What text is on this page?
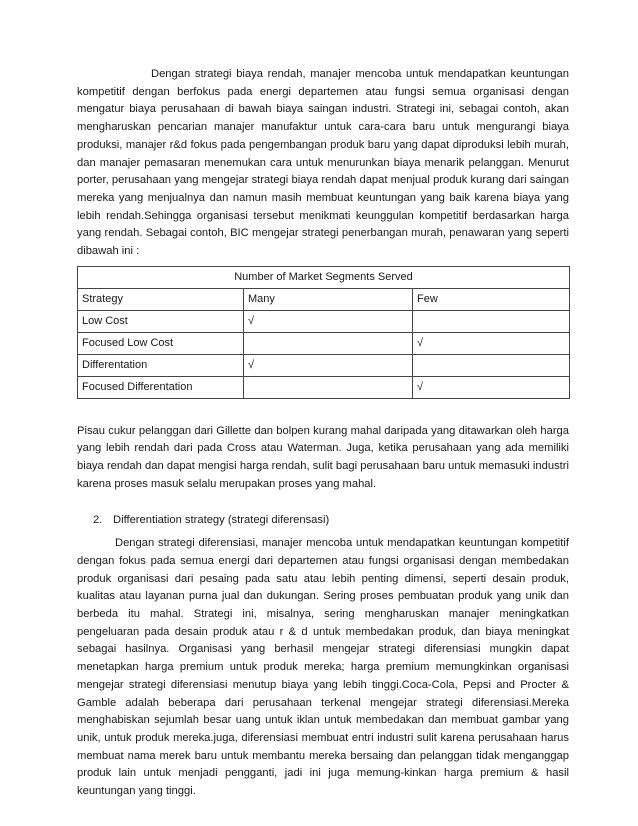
Dengan strategi biaya rendah, manajer mencoba untuk mendapatkan keuntungan kompetitif dengan berfokus pada energi departemen atau fungsi semua organisasi dengan mengatur biaya perusahaan di bawah biaya saingan industri. Strategi ini, sebagai contoh, akan mengharuskan pencarian manajer manufaktur untuk cara-cara baru untuk mengurangi biaya produksi, manajer r&d fokus pada pengembangan produk baru yang dapat diproduksi lebih murah, dan manajer pemasaran menemukan cara untuk menurunkan biaya menarik pelanggan. Menurut porter, perusahaan yang mengejar strategi biaya rendah dapat menjual produk kurang dari saingan mereka yang menjualnya dan namun masih membuat keuntungan yang baik karena biaya yang lebih rendah.Sehingga organisasi tersebut menikmati keunggulan kompetitif berdasarkan harga yang rendah. Sebagai contoh, BIC mengejar strategi penerbangan murah, penawaran yang seperti dibawah ini :

Number of Market Segments Served		
Strategy	Many	Few
Low Cost	√	
Focused Low Cost		√
Differentation	√	
Focused Differentation		√

Pisau cukur pelanggan dari Gillette dan bolpen kurang mahal daripada yang ditawarkan oleh harga yang lebih rendah dari pada Cross atau Waterman. Juga, ketika perusahaan yang ada memiliki biaya rendah dan dapat mengisi harga rendah, sulit bagi perusahaan baru untuk memasuki industri karena proses masuk selalu merupakan proses yang mahal.

2. Differentiation strategy (strategi diferensasi)

Dengan strategi diferensiasi, manajer mencoba untuk mendapatkan keuntungan kompetitif dengan fokus pada semua energi dari departemen atau fungsi organisasi dengan membedakan produk organisasi dari pesaing pada satu atau lebih penting dimensi, seperti desain produk, kualitas atau layanan purna jual dan dukungan. Sering proses pembuatan produk yang unik dan berbeda itu mahal. Strategi ini, misalnya, sering mengharuskan manajer meningkatkan pengeluaran pada desain produk atau r & d untuk membedakan produk, dan biaya meningkat sebagai hasilnya. Organisasi yang berhasil mengejar strategi diferensiasi mungkin dapat menetapkan harga premium untuk produk mereka; harga premium memungkinkan organisasi mengejar strategi diferensiasi menutup biaya yang lebih tinggi.Coca-Cola, Pepsi and Procter & Gamble adalah beberapa dari perusahaan terkenal mengejar strategi diferensiasi.Mereka menghabiskan sejumlah besar uang untuk iklan untuk membedakan dan membuat gambar yang unik, untuk produk mereka.juga, diferensiasi membuat entri industri sulit karena perusahaan harus membuat nama merek baru untuk membantu mereka bersaing dan pelanggan tidak menganggap produk lain untuk menjadi pengganti, jadi ini juga memung-kinkan harga premium & hasil keuntungan yang tinggi.
